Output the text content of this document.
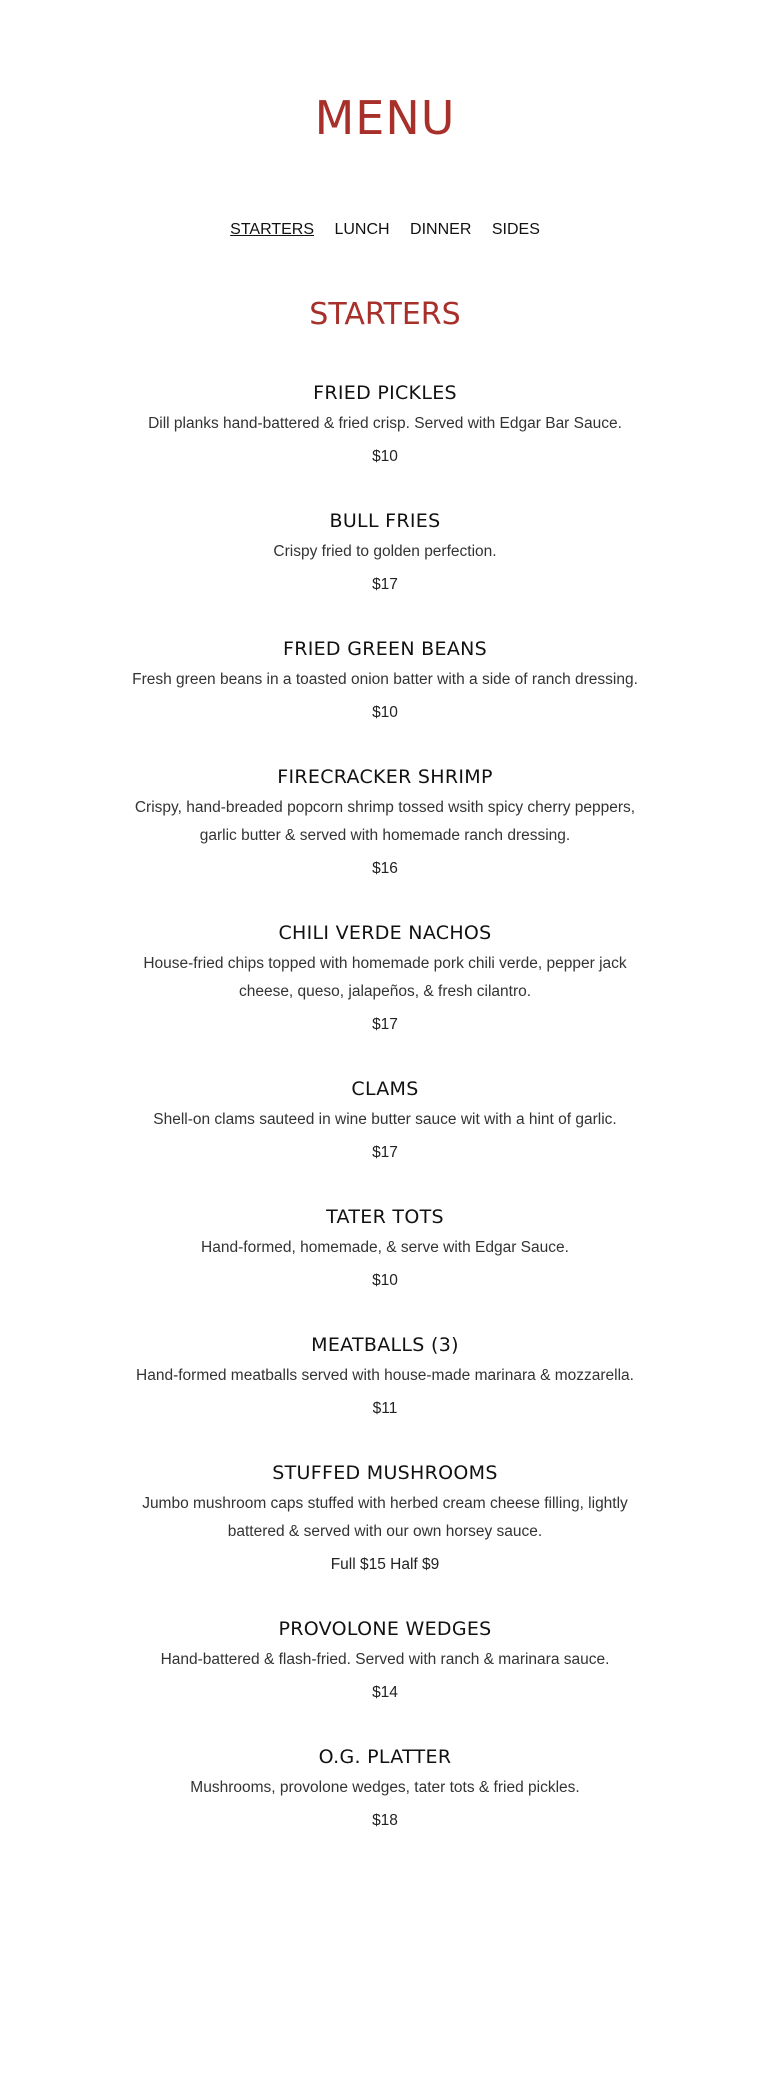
MENU
STARTERS LUNCH DINNER SIDES
STARTERS
FRIED PICKLES

Dill planks hand-battered & fried crisp. Served with Edgar Bar Sauce.

$10

BULL FRIES

Crispy fried to golden perfection.

$17

FRIED GREEN BEANS

Fresh green beans in a toasted onion batter with a side of ranch dressing.

$10

FIRECRACKER SHRIMP

Crispy, hand-breaded popcorn shrimp tossed wsith spicy cherry peppers, garlic butter & served with homemade ranch dressing.

$16

CHILI VERDE NACHOS

House-fried chips topped with homemade pork chili verde, pepper jack cheese, queso, jalapeños, & fresh cilantro.

$17

CLAMS

Shell-on clams sauteed in wine butter sauce wit with a hint of garlic.

$17

TATER TOTS

Hand-formed, homemade, & serve with Edgar Sauce.

$10

MEATBALLS (3)

Hand-formed meatballs served with house-made marinara & mozzarella.

$11

STUFFED MUSHROOMS

Jumbo mushroom caps stuffed with herbed cream cheese filling, lightly battered & served with our own horsey sauce.

Full $15 Half $9

PROVOLONE WEDGES

Hand-battered & flash-fried. Served with ranch & marinara sauce.

$14

O.G. PLATTER

Mushrooms, provolone wedges, tater tots & fried pickles.

$18
